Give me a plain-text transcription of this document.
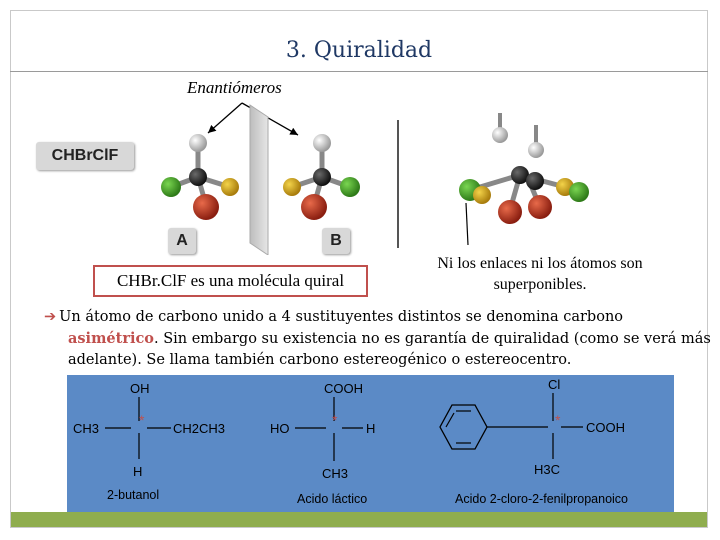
3. Quiralidad
Enantiómeros
CHBrClF
A	B
CHBr.ClF es una molécula quiral
Ni los enlaces ni los átomos son superponibles.
➔ Un átomo de carbono unido a 4 sustituyentes distintos se denomina carbono asimétrico. Sin embargo su existencia no es garantía de quiralidad (como se verá más adelante). Se llama también carbono estereogénico o estereocentro.
OH
CH3	CH2CH3
*
H
2-butanol
COOH
HO	H
*
CH3
Acido láctico
Cl
COOH
*
H3C
Acido 2-cloro-2-fenilpropanoico
